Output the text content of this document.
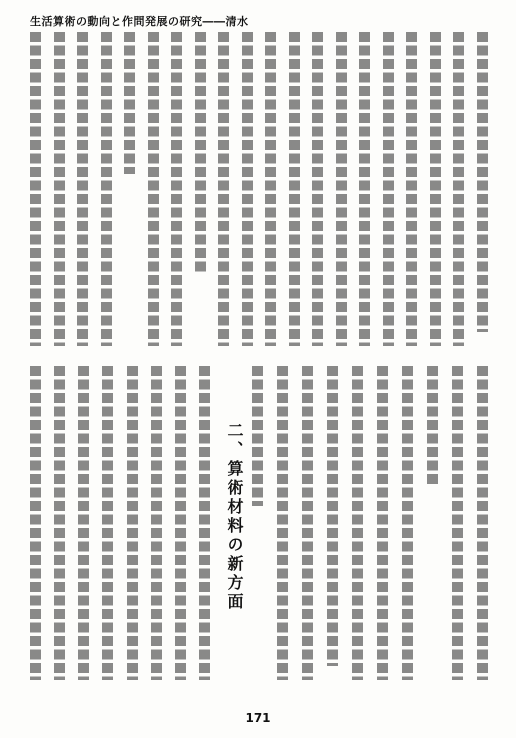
生活算術の動向と作問発展の研究――清水
二、算術材料の新方面
171
